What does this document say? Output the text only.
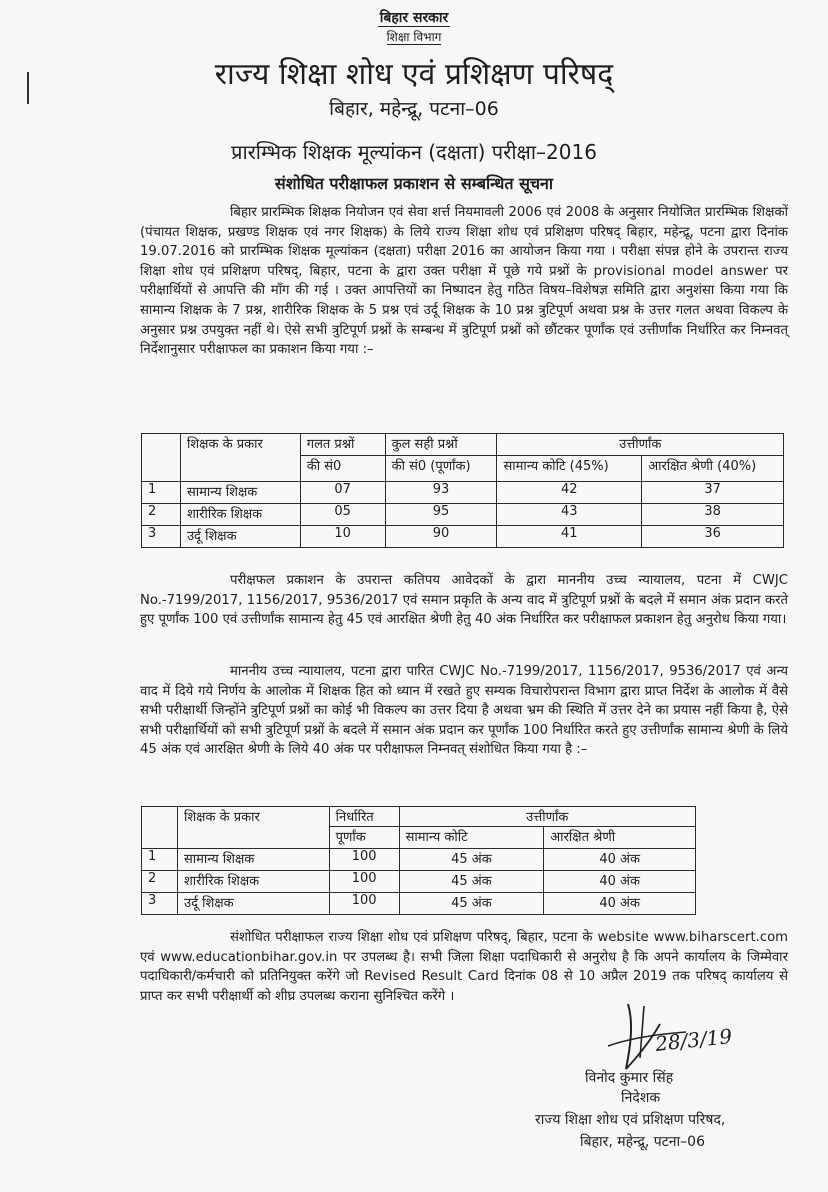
बिहार सरकार
शिक्षा विभाग
राज्य शिक्षा शोध एवं प्रशिक्षण परिषद्
बिहार, महेन्द्रू, पटना–06
प्रारम्भिक शिक्षक मूल्यांकन (दक्षता) परीक्षा–2016
संशोधित परीक्षाफल प्रकाशन से सम्बन्धित सूचना

बिहार प्रारम्भिक शिक्षक नियोजन एवं सेवा शर्त्त नियमावली 2006 एवं 2008 के अनुसार नियोजित प्रारम्भिक शिक्षकों (पंचायत शिक्षक, प्रखण्ड शिक्षक एवं नगर शिक्षक) के लिये राज्य शिक्षा शोध एवं प्रशिक्षण परिषद् बिहार, महेन्द्रू, पटना द्वारा दिनांक 19.07.2016 को प्रारम्भिक शिक्षक मूल्यांकन (दक्षता) परीक्षा 2016 का आयोजन किया गया । परीक्षा संपन्न होने के उपरान्त राज्य शिक्षा शोध एवं प्रशिक्षण परिषद्, बिहार, पटना के द्वारा उक्त परीक्षा में पूछे गये प्रश्नों के provisional model answer पर परीक्षार्थियों से आपत्ति की माँग की गई । उक्त आपत्तियों का निष्पादन हेतु गठित विषय–विशेषज्ञ समिति द्वारा अनुशंसा किया गया कि सामान्य शिक्षक के 7 प्रश्न, शारीरिक शिक्षक के 5 प्रश्न एवं उर्दू शिक्षक के 10 प्रश्न त्रुटिपूर्ण अथवा प्रश्न के उत्तर गलत अथवा विकल्प के अनुसार प्रश्न उपयुक्त नहीं थे। ऐसे सभी त्रुटिपूर्ण प्रश्नों के सम्बन्ध में त्रुटिपूर्ण प्रश्नों को छौंटकर पूर्णांक एवं उत्तीर्णांक निर्धारित कर निम्नवत् निर्देशानुसार परीक्षाफल का प्रकाशन किया गया :–

	शिक्षक के प्रकार	गलत प्रश्नों	कुल सही प्रश्नों	उत्तीर्णांक	
		की सं0	की सं0 (पूर्णांक)	सामान्य कोटि (45%)	आरक्षित श्रेणी (40%)
1	सामान्य शिक्षक	07	93	42	37
2	शारीरिक शिक्षक	05	95	43	38
3	उर्दू शिक्षक	10	90	41	36

परीक्षफल प्रकाशन के उपरान्त कतिपय आवेदकों के द्वारा माननीय उच्च न्यायालय, पटना में CWJC No.-7199/2017, 1156/2017, 9536/2017 एवं समान प्रकृति के अन्य वाद में त्रुटिपूर्ण प्रश्नों के बदले में समान अंक प्रदान करते हुए पूर्णांक 100 एवं उत्तीर्णांक सामान्य हेतु 45 एवं आरक्षित श्रेणी हेतु 40 अंक निर्धारित कर परीक्षाफल प्रकाशन हेतु अनुरोध किया गया।

माननीय उच्च न्यायालय, पटना द्वारा पारित CWJC No.-7199/2017, 1156/2017, 9536/2017 एवं अन्य वाद में दिये गये निर्णय के आलोक में शिक्षक हित को ध्यान में रखते हुए सम्यक विचारोपरान्त विभाग द्वारा प्राप्त निर्देश के आलोक में वैसे सभी परीक्षार्थी जिन्होंने त्रुटिपूर्ण प्रश्नों का कोई भी विकल्प का उत्तर दिया है अथवा भ्रम की स्थिति में उत्तर देने का प्रयास नहीं किया है, ऐसे सभी परीक्षार्थियों को सभी त्रुटिपूर्ण प्रश्नों के बदले में समान अंक प्रदान कर पूर्णांक 100 निर्धारित करते हुए उत्तीर्णांक सामान्य श्रेणी के लिये 45 अंक एवं आरक्षित श्रेणी के लिये 40 अंक पर परीक्षाफल निम्नवत् संशोधित किया गया है :–

	शिक्षक के प्रकार	निर्धारित	उत्तीर्णांक	
		पूर्णांक	सामान्य कोटि	आरक्षित श्रेणी
1	सामान्य शिक्षक	100	45 अंक	40 अंक
2	शारीरिक शिक्षक	100	45 अंक	40 अंक
3	उर्दू शिक्षक	100	45 अंक	40 अंक

संशोधित परीक्षाफल राज्य शिक्षा शोध एवं प्रशिक्षण परिषद्, बिहार, पटना के website www.biharscert.com एवं www.educationbihar.gov.in पर उपलब्ध है। सभी जिला शिक्षा पदाधिकारी से अनुरोध है कि अपने कार्यालय के जिम्मेवार पदाधिकारी/कर्मचारी को प्रतिनियुक्त करेंगे जो Revised Result Card दिनांक 08 से 10 अप्रैल 2019 तक परिषद् कार्यालय से प्राप्त कर सभी परीक्षार्थी को शीघ्र उपलब्ध कराना सुनिश्चित करेंगे ।

28/3/19
विनोद कुमार सिंह
निदेशक
राज्य शिक्षा शोध एवं प्रशिक्षण परिषद,
बिहार, महेन्द्रू, पटना–06
